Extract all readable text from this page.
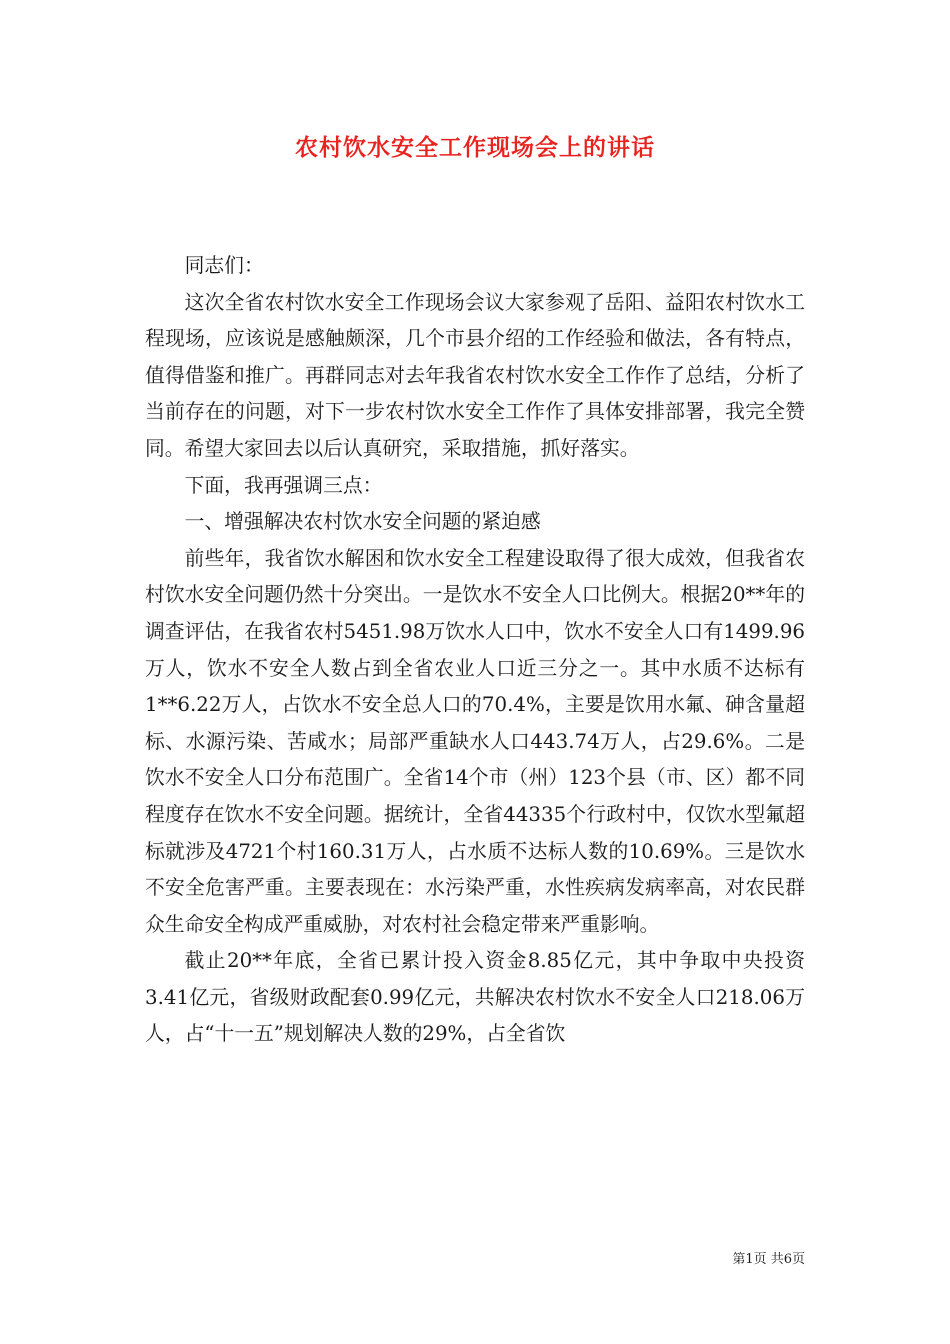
农村饮水安全工作现场会上的讲话

同志们：

这次全省农村饮水安全工作现场会议大家参观了岳阳、益阳农村饮水工程现场，应该说是感触颇深，几个市县介绍的工作经验和做法，各有特点，值得借鉴和推广。再群同志对去年我省农村饮水安全工作作了总结，分析了当前存在的问题，对下一步农村饮水安全工作作了具体安排部署，我完全赞同。希望大家回去以后认真研究，采取措施，抓好落实。

下面，我再强调三点：

一、增强解决农村饮水安全问题的紧迫感

前些年，我省饮水解困和饮水安全工程建设取得了很大成效，但我省农村饮水安全问题仍然十分突出。一是饮水不安全人口比例大。根据20**年的调查评估，在我省农村5451.98万饮水人口中，饮水不安全人口有1499.96万人，饮水不安全人数占到全省农业人口近三分之一。其中水质不达标有1**6.22万人，占饮水不安全总人口的70.4%，主要是饮用水氟、砷含量超标、水源污染、苦咸水；局部严重缺水人口443.74万人，占29.6%。二是饮水不安全人口分布范围广。全省14个市（州）123个县（市、区）都不同程度存在饮水不安全问题。据统计，全省44335个行政村中，仅饮水型氟超标就涉及4721个村160.31万人，占水质不达标人数的10.69%。三是饮水不安全危害严重。主要表现在：水污染严重，水性疾病发病率高，对农民群众生命安全构成严重威胁，对农村社会稳定带来严重影响。

截止20**年底，全省已累计投入资金8.85亿元，其中争取中央投资3.41亿元，省级财政配套0.99亿元，共解决农村饮水不安全人口218.06万人，占“十一五”规划解决人数的29%，占全省饮

第1页 共6页
